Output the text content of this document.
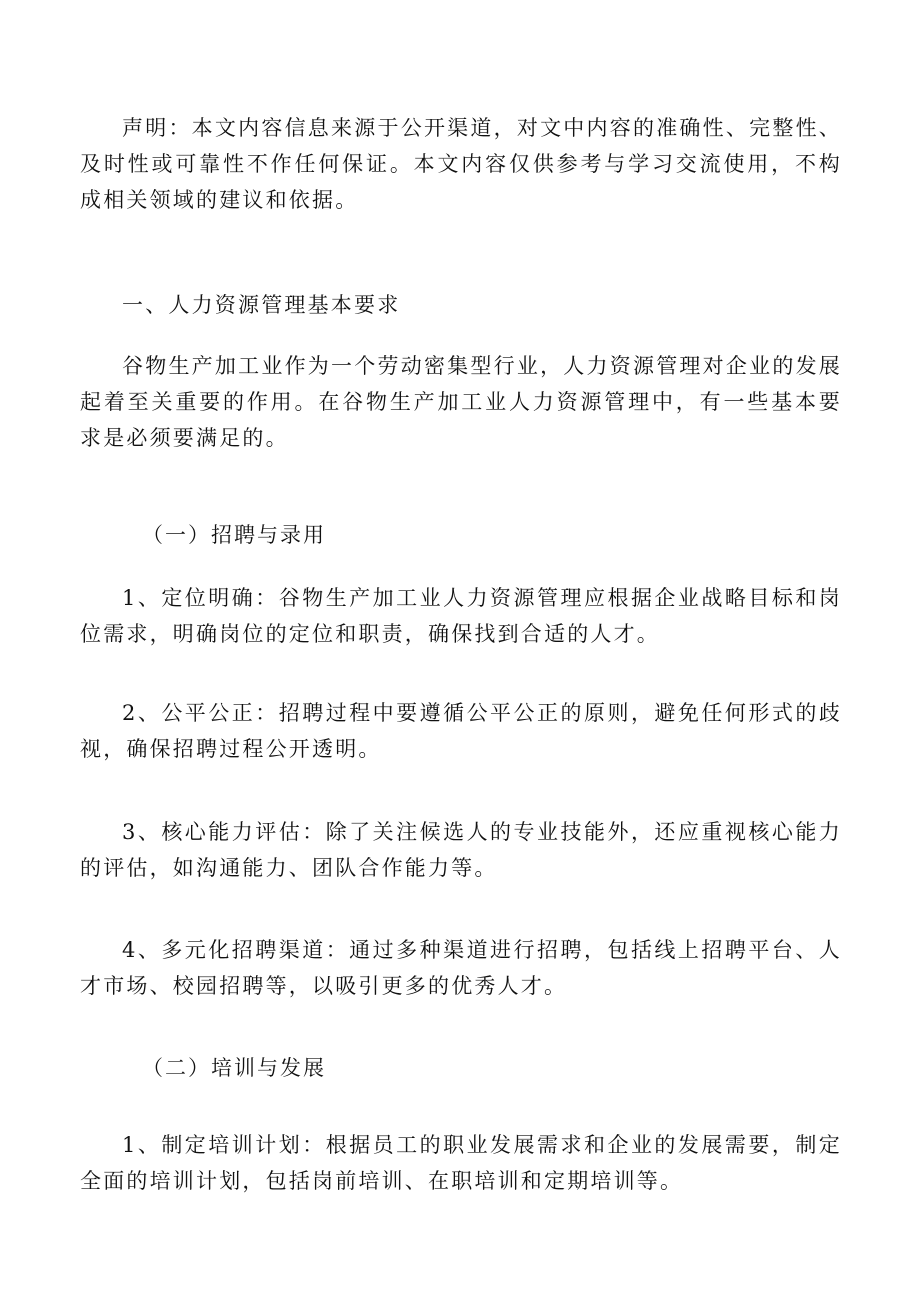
声明：本文内容信息来源于公开渠道，对文中内容的准确性、完整性、及时性或可靠性不作任何保证。本文内容仅供参考与学习交流使用，不构成相关领域的建议和依据。

一、人力资源管理基本要求

谷物生产加工业作为一个劳动密集型行业，人力资源管理对企业的发展起着至关重要的作用。在谷物生产加工业人力资源管理中，有一些基本要求是必须要满足的。

（一）招聘与录用

1、定位明确：谷物生产加工业人力资源管理应根据企业战略目标和岗位需求，明确岗位的定位和职责，确保找到合适的人才。

2、公平公正：招聘过程中要遵循公平公正的原则，避免任何形式的歧视，确保招聘过程公开透明。

3、核心能力评估：除了关注候选人的专业技能外，还应重视核心能力的评估，如沟通能力、团队合作能力等。

4、多元化招聘渠道：通过多种渠道进行招聘，包括线上招聘平台、人才市场、校园招聘等，以吸引更多的优秀人才。

（二）培训与发展

1、制定培训计划：根据员工的职业发展需求和企业的发展需要，制定全面的培训计划，包括岗前培训、在职培训和定期培训等。
